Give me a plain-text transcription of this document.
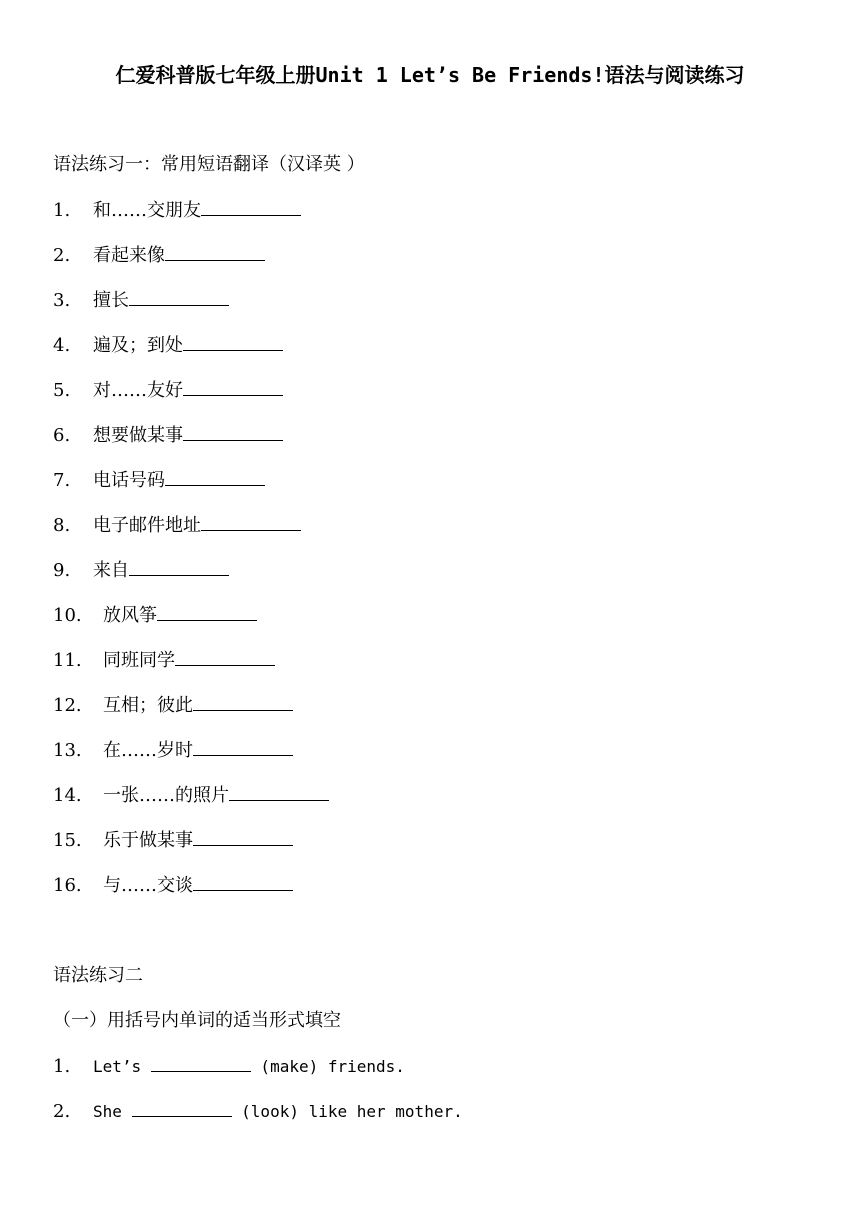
仁爱科普版七年级上册Unit 1 Let’s Be Friends!语法与阅读练习
语法练习一：常用短语翻译（汉译英 ）
1. 和……交朋友
2. 看起来像
3. 擅长
4. 遍及；到处
5. 对……友好
6. 想要做某事
7. 电话号码
8. 电子邮件地址
9. 来自
10. 放风筝
11. 同班同学
12. 互相；彼此
13. 在……岁时
14. 一张……的照片
15. 乐于做某事
16. 与……交谈
语法练习二
（一）用括号内单词的适当形式填空
1. Let’s	(make) friends.
2. She	(look) like her mother.
